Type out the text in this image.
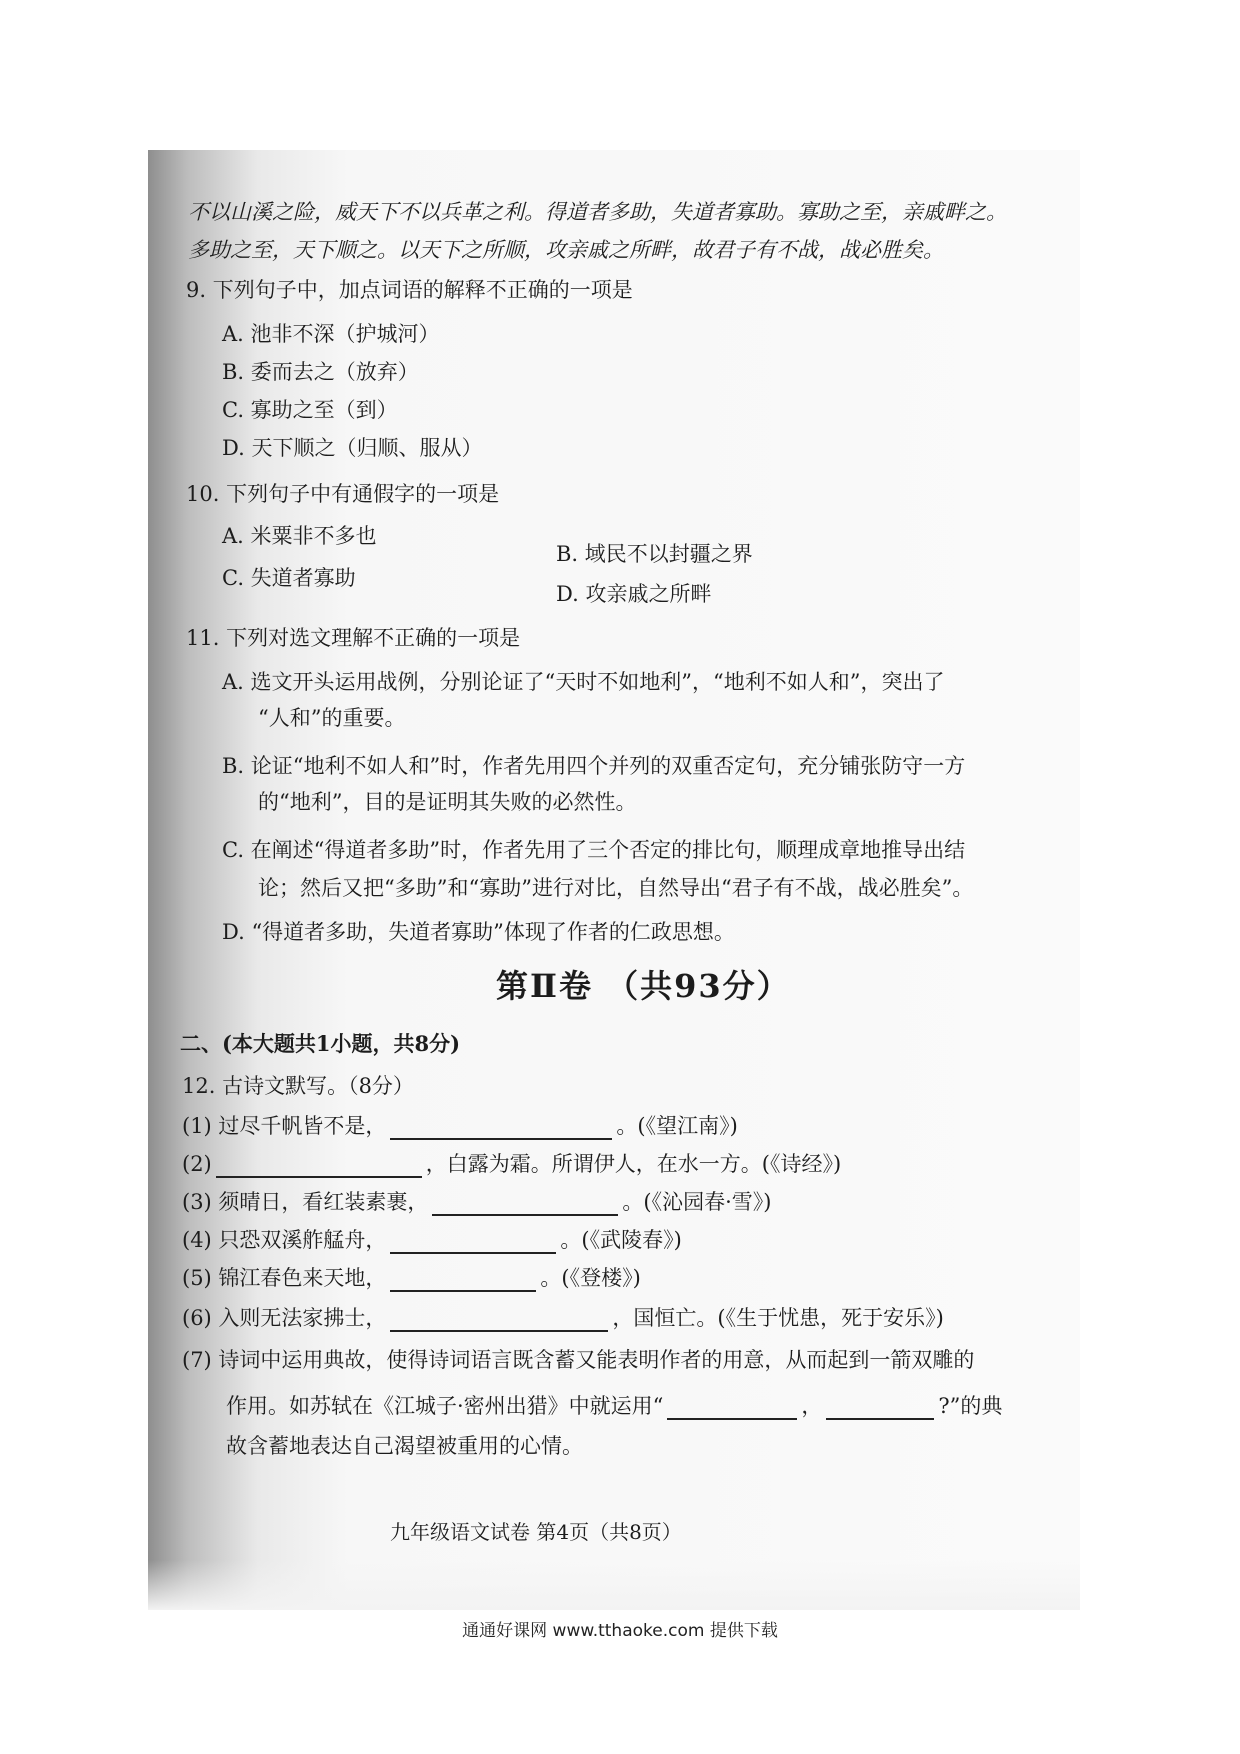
不以山溪之险，威天下不以兵革之利。得道者多助，失道者寡助。寡助之至，亲戚畔之。
多助之至，天下顺之。以天下之所顺，攻亲戚之所畔，故君子有不战，战必胜矣。
9. 下列句子中，加点词语的解释不正确的一项是
A. 池非不深（护城河）
B. 委而去之（放弃）
C. 寡助之至（到）
D. 天下顺之（归顺、服从）
10. 下列句子中有通假字的一项是
A. 米粟非不多也
B. 域民不以封疆之界
C. 失道者寡助
D. 攻亲戚之所畔
11. 下列对选文理解不正确的一项是
A. 选文开头运用战例，分别论证了“天时不如地利”，“地利不如人和”，突出了
“人和”的重要。
B. 论证“地利不如人和”时，作者先用四个并列的双重否定句，充分铺张防守一方
的“地利”，目的是证明其失败的必然性。
C. 在阐述“得道者多助”时，作者先用了三个否定的排比句，顺理成章地推导出结
论；然后又把“多助”和“寡助”进行对比，自然导出“君子有不战，战必胜矣”。
D. “得道者多助，失道者寡助”体现了作者的仁政思想。
第Ⅱ卷 （共93分）
二、(本大题共1小题，共8分)
12. 古诗文默写。（8分）
(1) 过尽千帆皆不是，	。(《望江南》)
(2)	，白露为霜。所谓伊人，在水一方。(《诗经》)
(3) 须晴日，看红装素裹，	。(《沁园春·雪》)
(4) 只恐双溪舴艋舟，	。(《武陵春》)
(5) 锦江春色来天地，	。(《登楼》)
(6) 入则无法家拂士，	，国恒亡。(《生于忧患，死于安乐》)
(7) 诗词中运用典故，使得诗词语言既含蓄又能表明作者的用意，从而起到一箭双雕的
作用。如苏轼在《江城子·密州出猎》中就运用“	，	?”的典
故含蓄地表达自己渴望被重用的心情。
九年级语文试卷 第4页（共8页）
通通好课网 www.tthaoke.com 提供下载
